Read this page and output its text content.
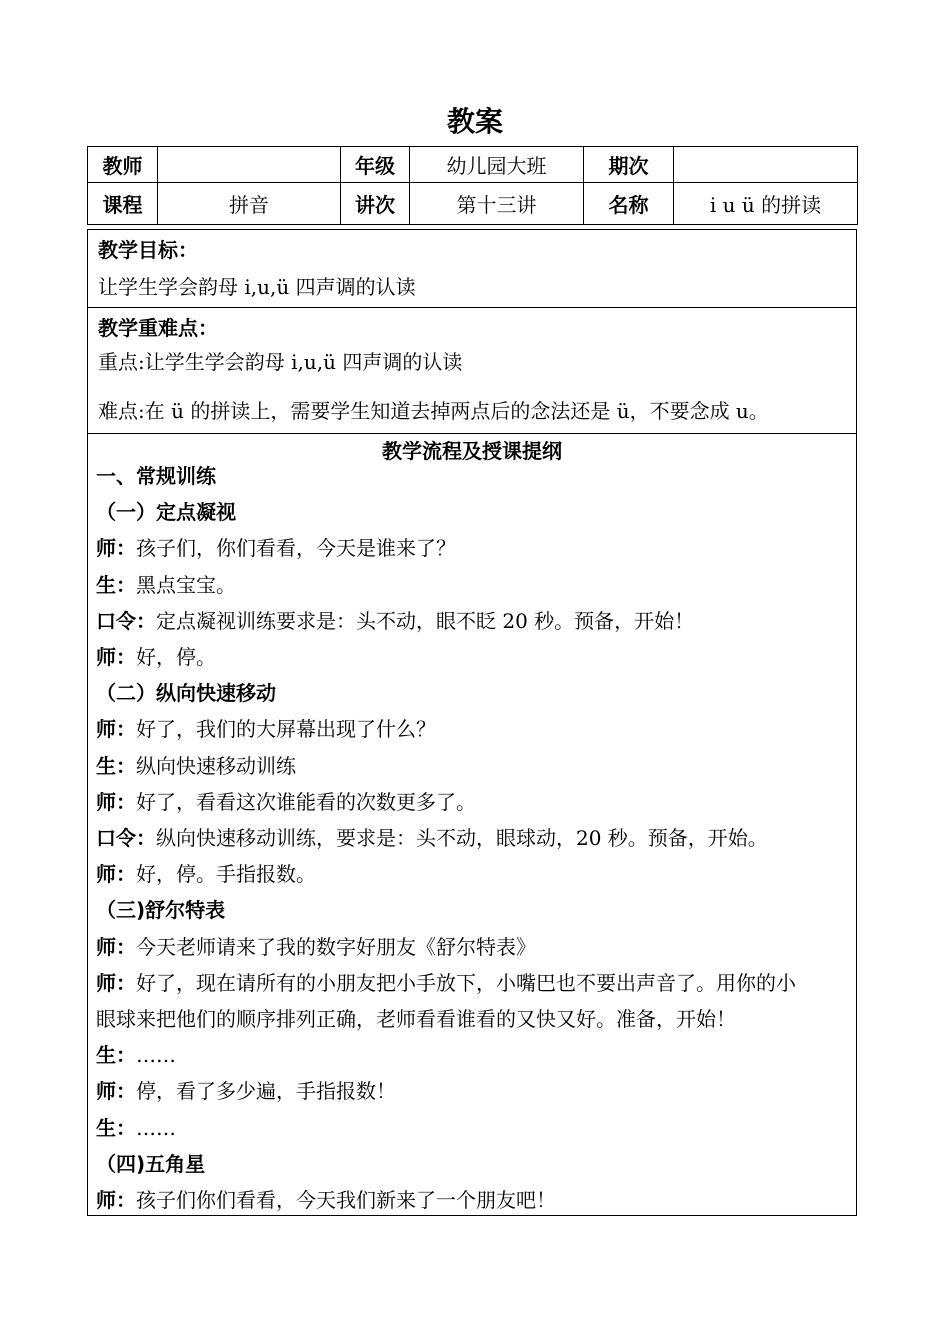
教案
教师		年级	幼儿园大班	期次	
课程	拼音	讲次	第十三讲	名称	i u ü 的拼读
教学目标：
让学生学会韵母 i,u,ü 四声调的认读
教学重难点：
重点:让学生学会韵母 i,u,ü 四声调的认读
难点:在 ü 的拼读上，需要学生知道去掉两点后的念法还是 ü，不要念成 u。
教学流程及授课提纲
一、常规训练
（一）定点凝视
师：孩子们，你们看看，今天是谁来了？
生：黑点宝宝。
口令：定点凝视训练要求是：头不动，眼不眨 20 秒。预备，开始！
师：好，停。
（二）纵向快速移动
师：好了，我们的大屏幕出现了什么？
生：纵向快速移动训练
师：好了，看看这次谁能看的次数更多了。
口令：纵向快速移动训练，要求是：头不动，眼球动，20 秒。预备，开始。
师：好，停。手指报数。
（三)舒尔特表
师：今天老师请来了我的数字好朋友《舒尔特表》
师：好了，现在请所有的小朋友把小手放下，小嘴巴也不要出声音了。用你的小
眼球来把他们的顺序排列正确，老师看看谁看的又快又好。准备，开始！
生：……
师：停，看了多少遍，手指报数！
生：……
（四)五角星
师：孩子们你们看看，今天我们新来了一个朋友吧！
